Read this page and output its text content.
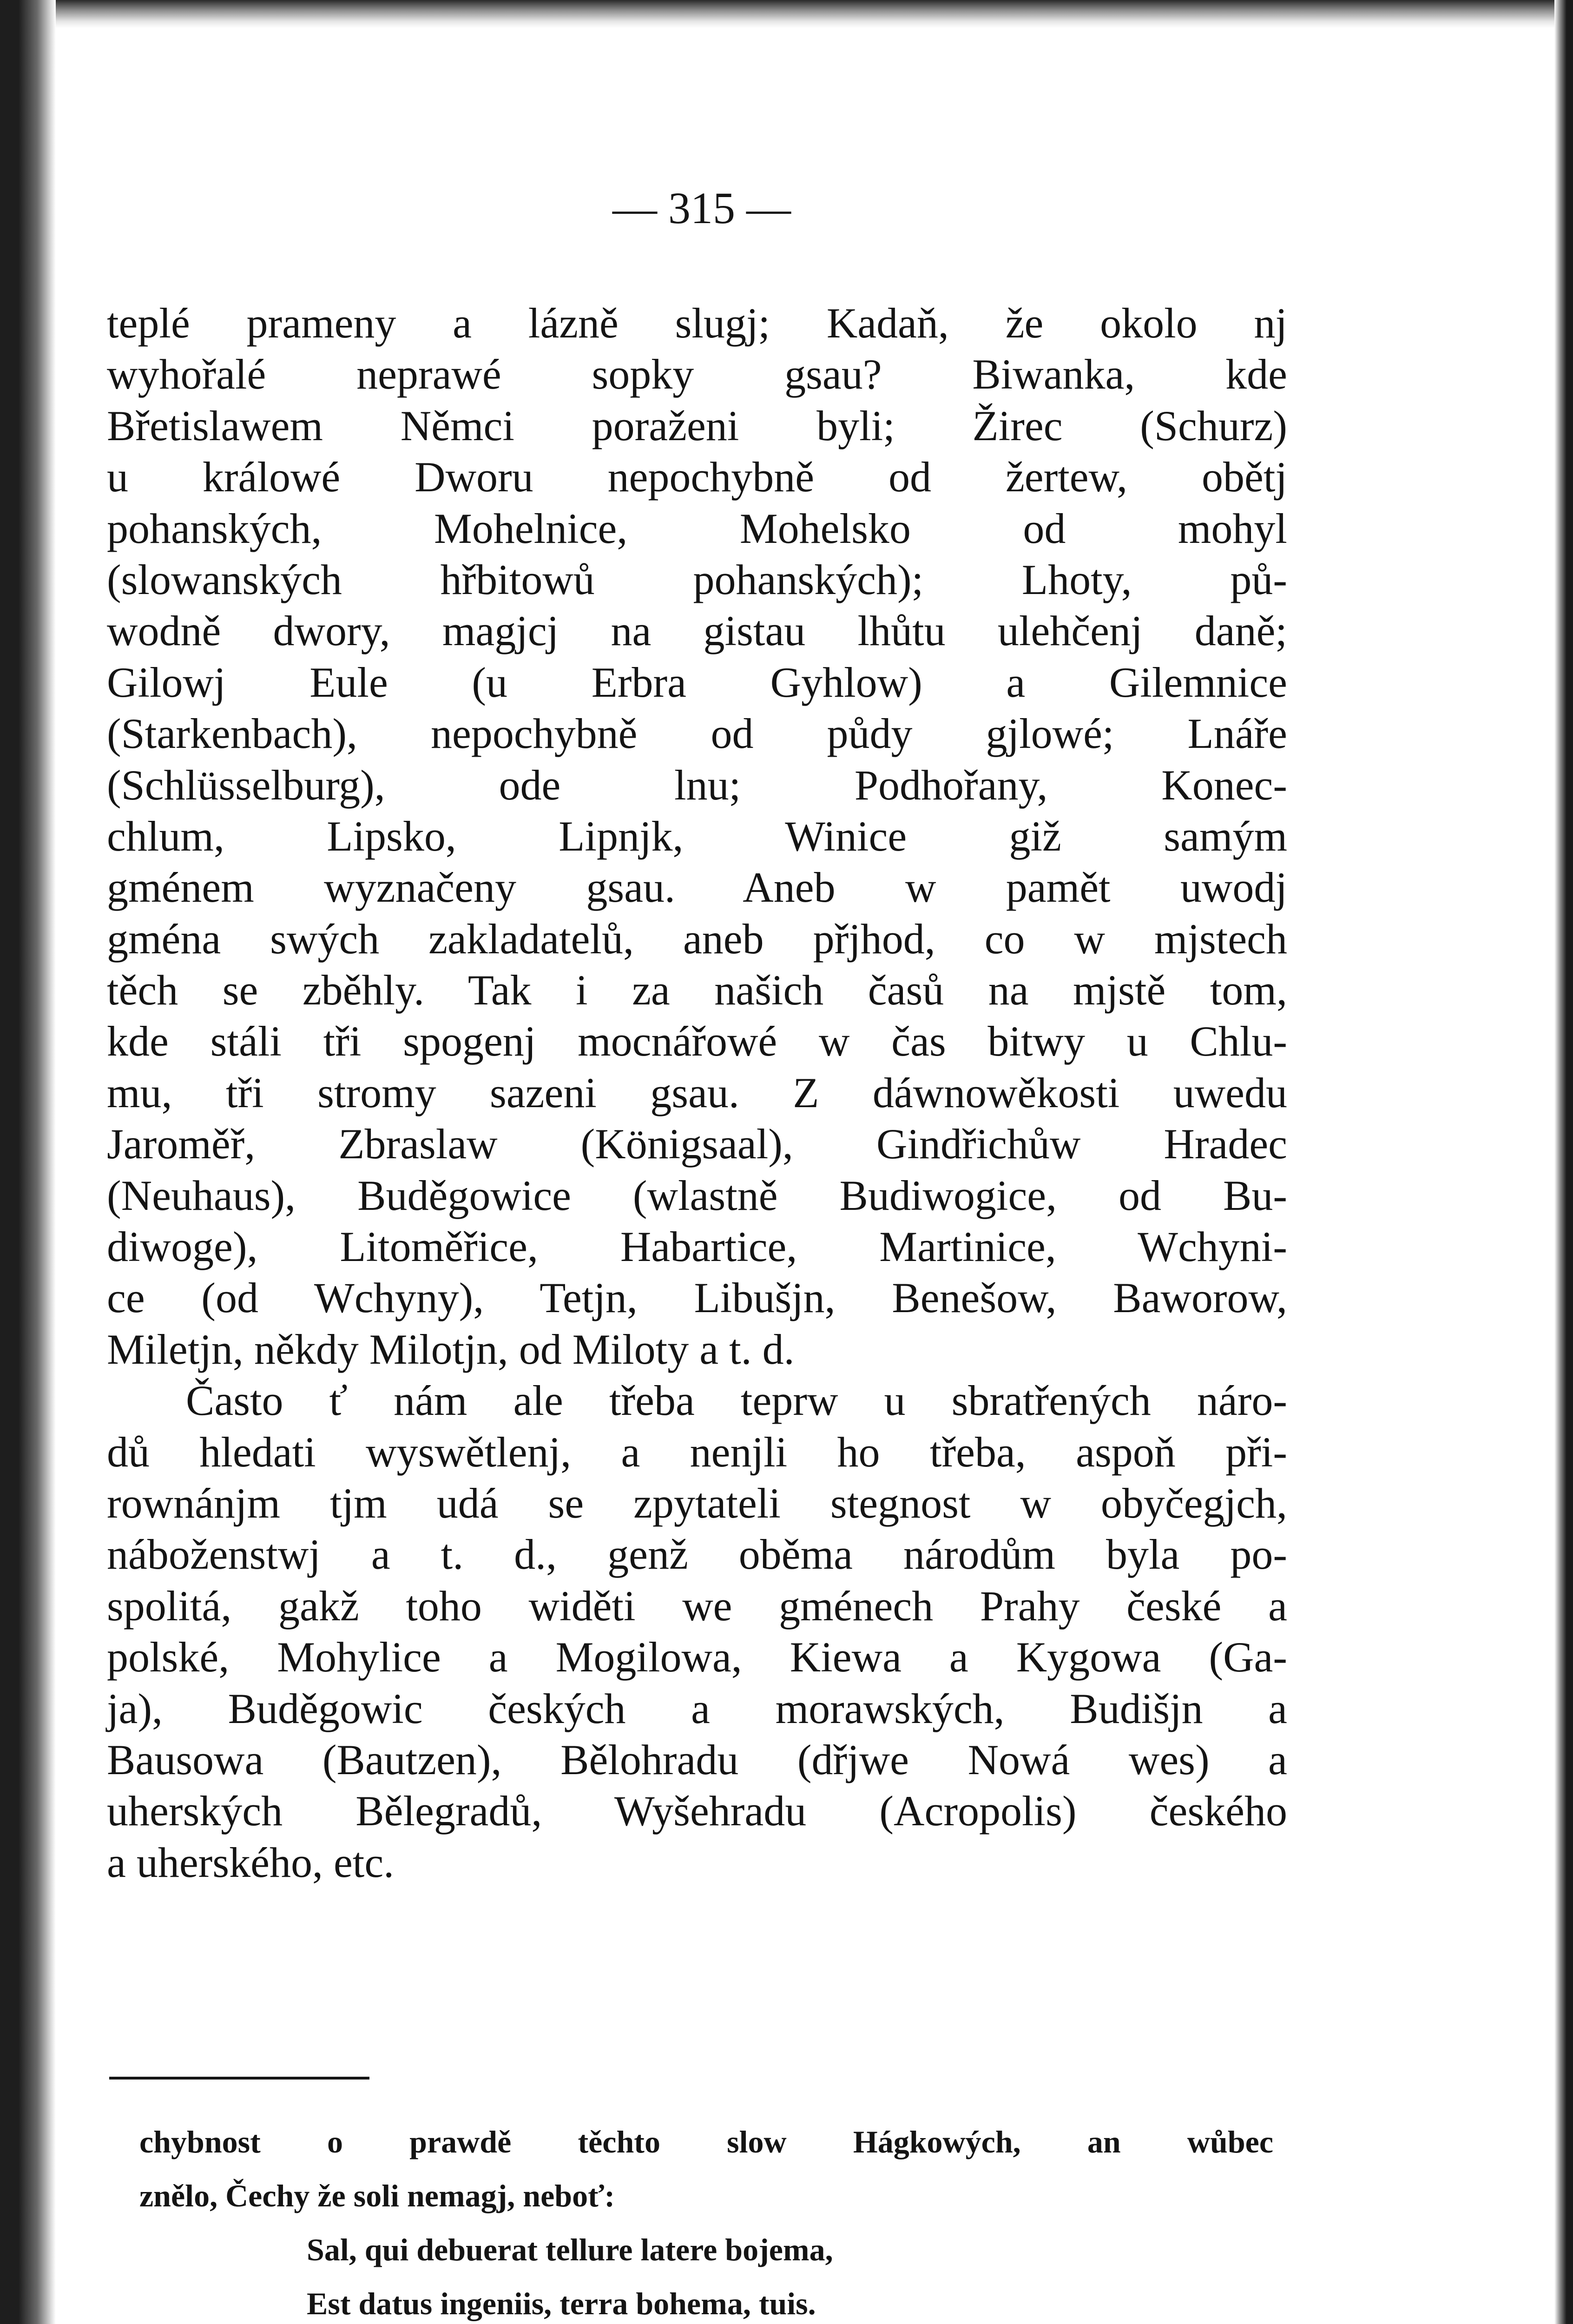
— 315 —
teplé prameny a lázně slugj; Kadaň, že okolo nj
wyhořalé neprawé sopky gsau? Biwanka, kde
Břetislawem Němci poraženi byli; Žirec (Schurz)
u králowé Dworu nepochybně od žertew, obětj
pohanských, Mohelnice, Mohelsko od mohyl
(slowanských hřbitowů pohanských); Lhoty, pů-
wodně dwory, magjcj na gistau lhůtu ulehčenj daně;
Gilowj Eule (u Erbra Gyhlow) a Gilemnice
(Starkenbach), nepochybně od půdy gjlowé; Lnáře
(Schlüsselburg), ode lnu; Podhořany, Konec-
chlum, Lipsko, Lipnjk, Winice giž samým
gménem wyznačeny gsau. Aneb w pamět uwodj
gména swých zakladatelů, aneb přjhod, co w mjstech
těch se zběhly. Tak i za našich časů na mjstě tom,
kde stáli tři spogenj mocnářowé w čas bitwy u Chlu-
mu, tři stromy sazeni gsau. Z dáwnowěkosti uwedu
Jaroměř, Zbraslaw (Königsaal), Gindřichůw Hradec
(Neuhaus), Buděgowice (wlastně Budiwogice, od Bu-
diwoge), Litoměřice, Habartice, Martinice, Wchyni-
ce (od Wchyny), Tetjn, Libušjn, Benešow, Baworow,
Miletjn, někdy Milotjn, od Miloty a t. d.
Často ť nám ale třeba teprw u sbratřených náro-
dů hledati wyswětlenj, a nenjli ho třeba, aspoň při-
rownánjm tjm udá se zpytateli stegnost w obyčegjch,
náboženstwj a t. d., genž oběma národům byla po-
spolitá, gakž toho widěti we gménech Prahy české a
polské, Mohylice a Mogilowa, Kiewa a Kygowa (Ga-
ja), Buděgowic českých a morawských, Budišjn a
Bausowa (Bautzen), Bělohradu (dřjwe Nowá wes) a
uherských Bělegradů, Wyšehradu (Acropolis) českého
a uherského, etc.
chybnost o prawdě těchto slow Hágkowých, an wůbec
znělo, Čechy že soli nemagj, neboť:
Sal, qui debuerat tellure latere bojema,
Est datus ingeniis, terra bohema, tuis.
